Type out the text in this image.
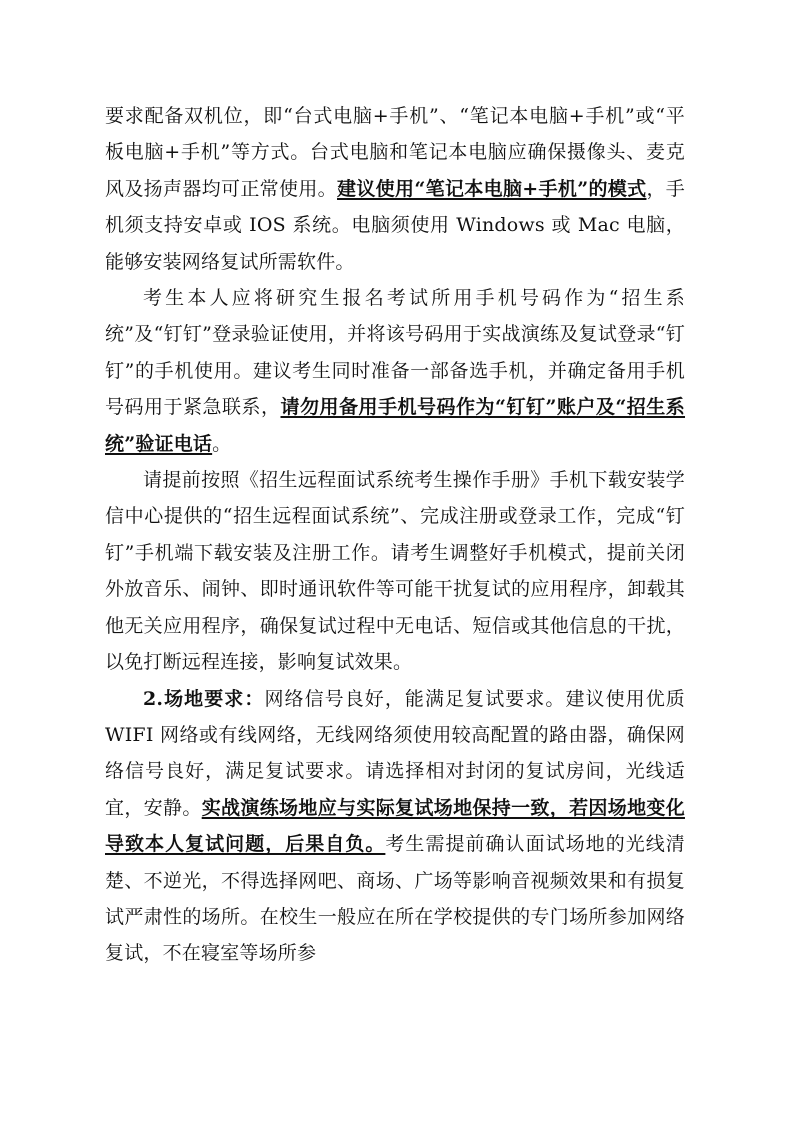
要求配备双机位，即“台式电脑+手机”、“笔记本电脑+手机”或“平板电脑+手机”等方式。台式电脑和笔记本电脑应确保摄像头、麦克风及扬声器均可正常使用。建议使用“笔记本电脑+手机”的模式，手机须支持安卓或 IOS 系统。电脑须使用 Windows 或 Mac 电脑，能够安装网络复试所需软件。

考生本人应将研究生报名考试所用手机号码作为“招生系统”及“钉钉”登录验证使用，并将该号码用于实战演练及复试登录“钉钉”的手机使用。建议考生同时准备一部备选手机，并确定备用手机号码用于紧急联系，请勿用备用手机号码作为“钉钉”账户及“招生系统”验证电话。

请提前按照《招生远程面试系统考生操作手册》手机下载安装学信中心提供的“招生远程面试系统”、完成注册或登录工作，完成“钉钉”手机端下载安装及注册工作。请考生调整好手机模式，提前关闭外放音乐、闹钟、即时通讯软件等可能干扰复试的应用程序，卸载其他无关应用程序，确保复试过程中无电话、短信或其他信息的干扰，以免打断远程连接，影响复试效果。

2.场地要求：网络信号良好，能满足复试要求。建议使用优质 WIFI 网络或有线网络，无线网络须使用较高配置的路由器，确保网络信号良好，满足复试要求。请选择相对封闭的复试房间，光线适宜，安静。实战演练场地应与实际复试场地保持一致，若因场地变化导致本人复试问题，后果自负。考生需提前确认面试场地的光线清楚、不逆光，不得选择网吧、商场、广场等影响音视频效果和有损复试严肃性的场所。在校生一般应在所在学校提供的专门场所参加网络复试，不在寝室等场所参
